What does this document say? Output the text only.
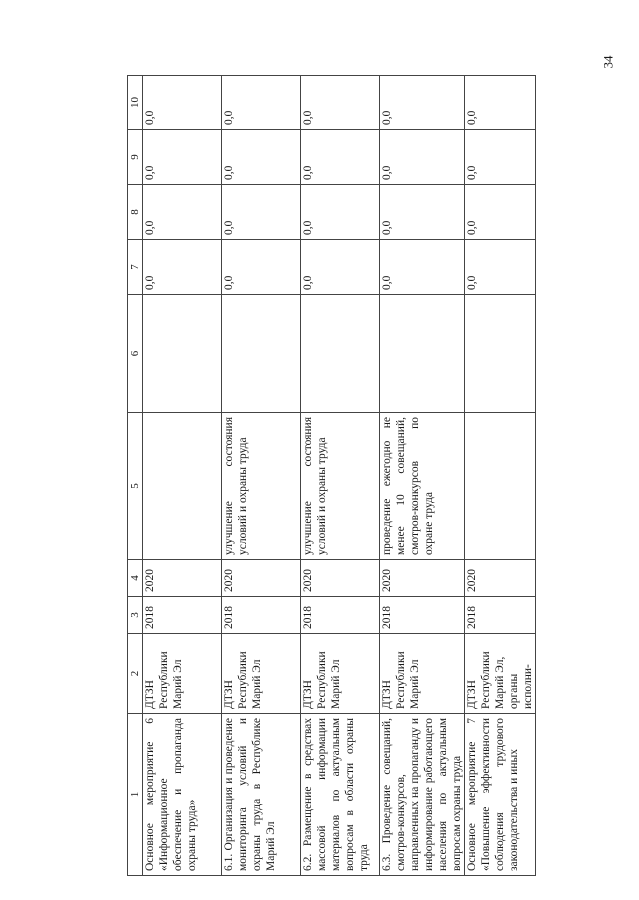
34
1	2	3	4	5	6	7	8	9	10
Основное мероприятие 6 «Информационное обеспечение и пропаганда охраны труда»	ДТЗН Республики Марий Эл	2018	2020			0,0	0,0	0,0	0,0
6.1. Организация и проведение мониторинга условий и охраны труда в Республике Марий Эл	ДТЗН Республики Марий Эл	2018	2020	улучшение состояния условий и охраны труда		0,0	0,0	0,0	0,0
6.2. Размещение в средствах массовой информации материалов по актуальным вопросам в области охраны труда	ДТЗН Республики Марий Эл	2018	2020	улучшение состояния условий и охраны труда		0,0	0,0	0,0	0,0
6.3. Проведение совещаний, смотров-конкурсов, направленных на пропаганду и информирование работающего населения по актуальным вопросам охраны труда	ДТЗН Республики Марий Эл	2018	2020	проведение ежегодно не менее 10 совещаний, смотров-конкурсов по охране труда		0,0	0,0	0,0	0,0
Основное мероприятие 7 «Повышение эффективности соблюдения трудового законодательства и иных	ДТЗН Республики Марий Эл, органы исполни-	2018	2020			0,0	0,0	0,0	0,0
